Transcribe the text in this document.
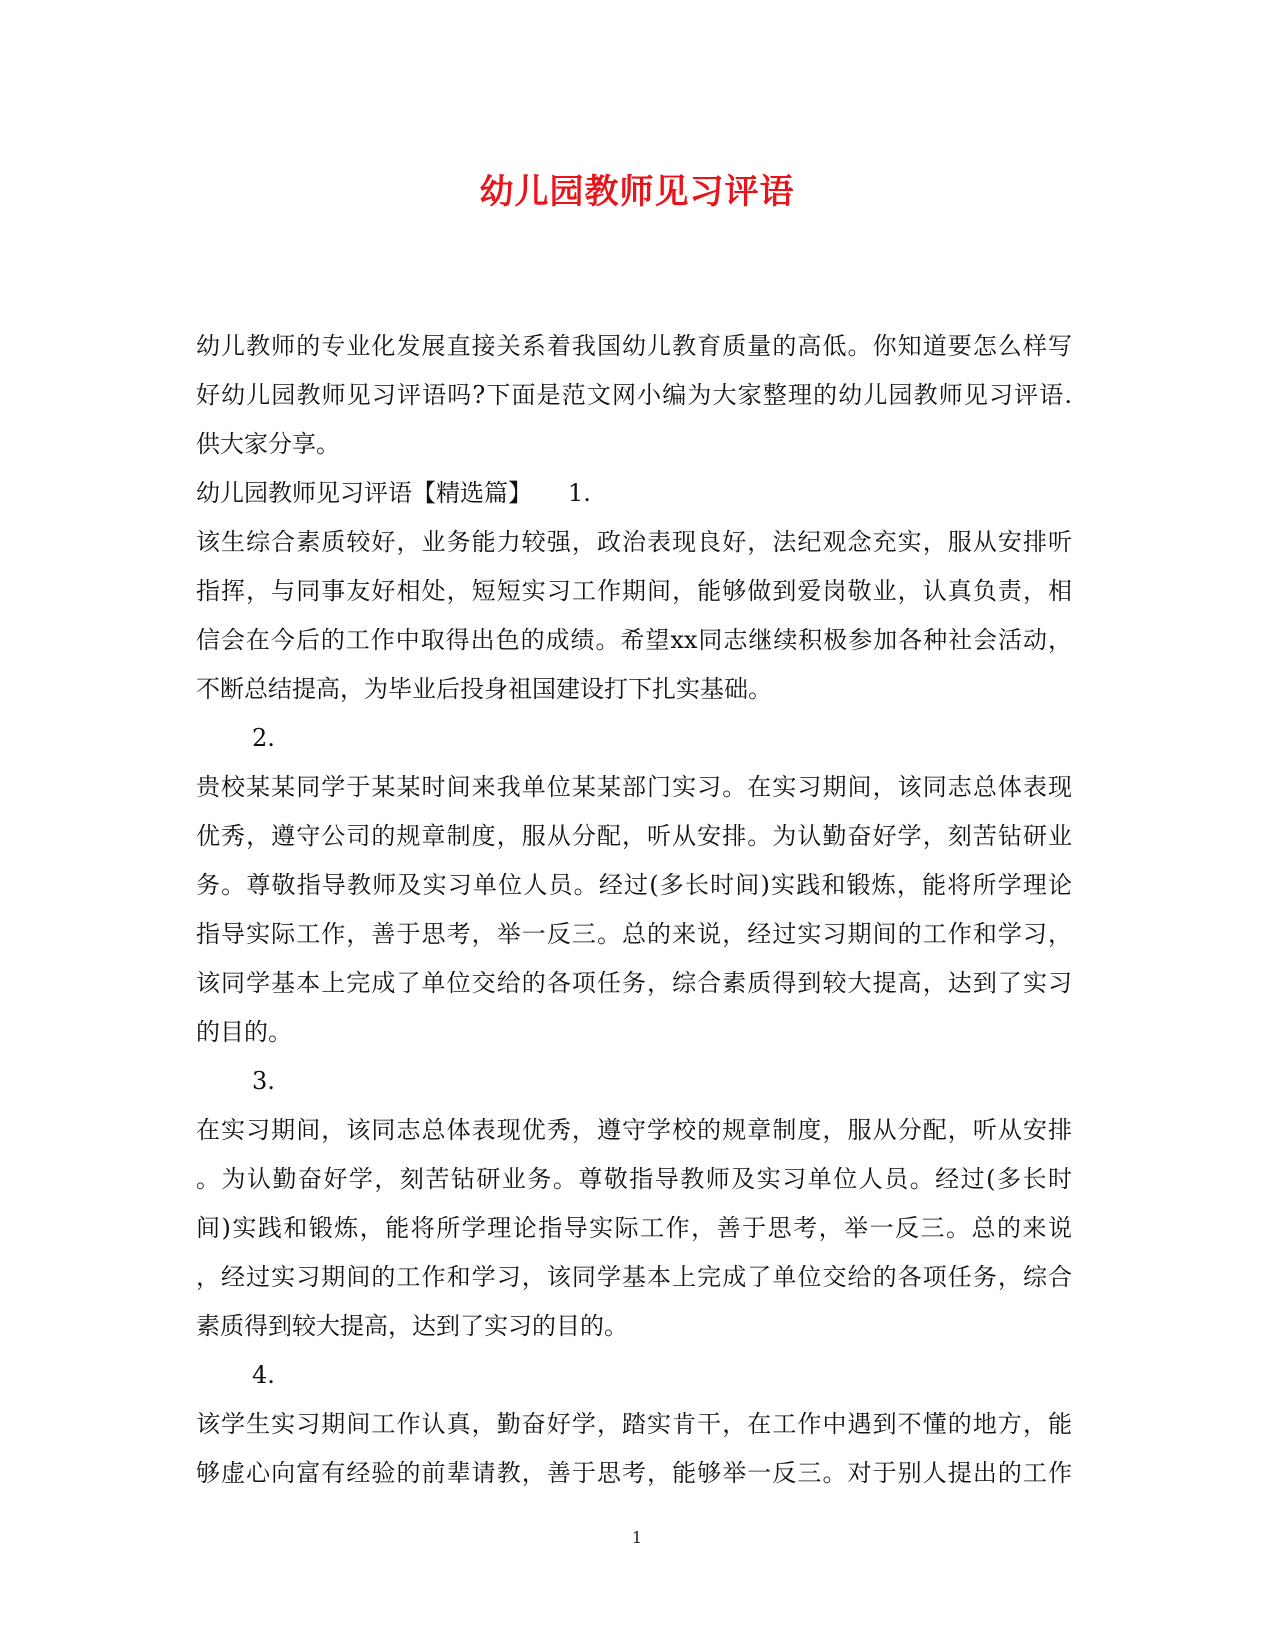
幼儿园教师见习评语
幼儿教师的专业化发展直接关系着我国幼儿教育质量的高低。你知道要怎么样写
好幼儿园教师见习评语吗?下面是范文网小编为大家整理的幼儿园教师见习评语.
供大家分享。
幼儿园教师见习评语【精选篇】　　1.
该生综合素质较好，业务能力较强，政治表现良好，法纪观念充实，服从安排听
指挥，与同事友好相处，短短实习工作期间，能够做到爱岗敬业，认真负责，相
信会在今后的工作中取得出色的成绩。希望xx同志继续积极参加各种社会活动，
不断总结提高，为毕业后投身祖国建设打下扎实基础。
2.
贵校某某同学于某某时间来我单位某某部门实习。在实习期间，该同志总体表现
优秀，遵守公司的规章制度，服从分配，听从安排。为认勤奋好学，刻苦钻研业
务。尊敬指导教师及实习单位人员。经过(多长时间)实践和锻炼，能将所学理论
指导实际工作，善于思考，举一反三。总的来说，经过实习期间的工作和学习，
该同学基本上完成了单位交给的各项任务，综合素质得到较大提高，达到了实习
的目的。
3.
在实习期间，该同志总体表现优秀，遵守学校的规章制度，服从分配，听从安排
。为认勤奋好学，刻苦钻研业务。尊敬指导教师及实习单位人员。经过(多长时
间)实践和锻炼，能将所学理论指导实际工作，善于思考，举一反三。总的来说
，经过实习期间的工作和学习，该同学基本上完成了单位交给的各项任务，综合
素质得到较大提高，达到了实习的目的。
4.
该学生实习期间工作认真，勤奋好学，踏实肯干，在工作中遇到不懂的地方，能
够虚心向富有经验的前辈请教，善于思考，能够举一反三。对于别人提出的工作
1
